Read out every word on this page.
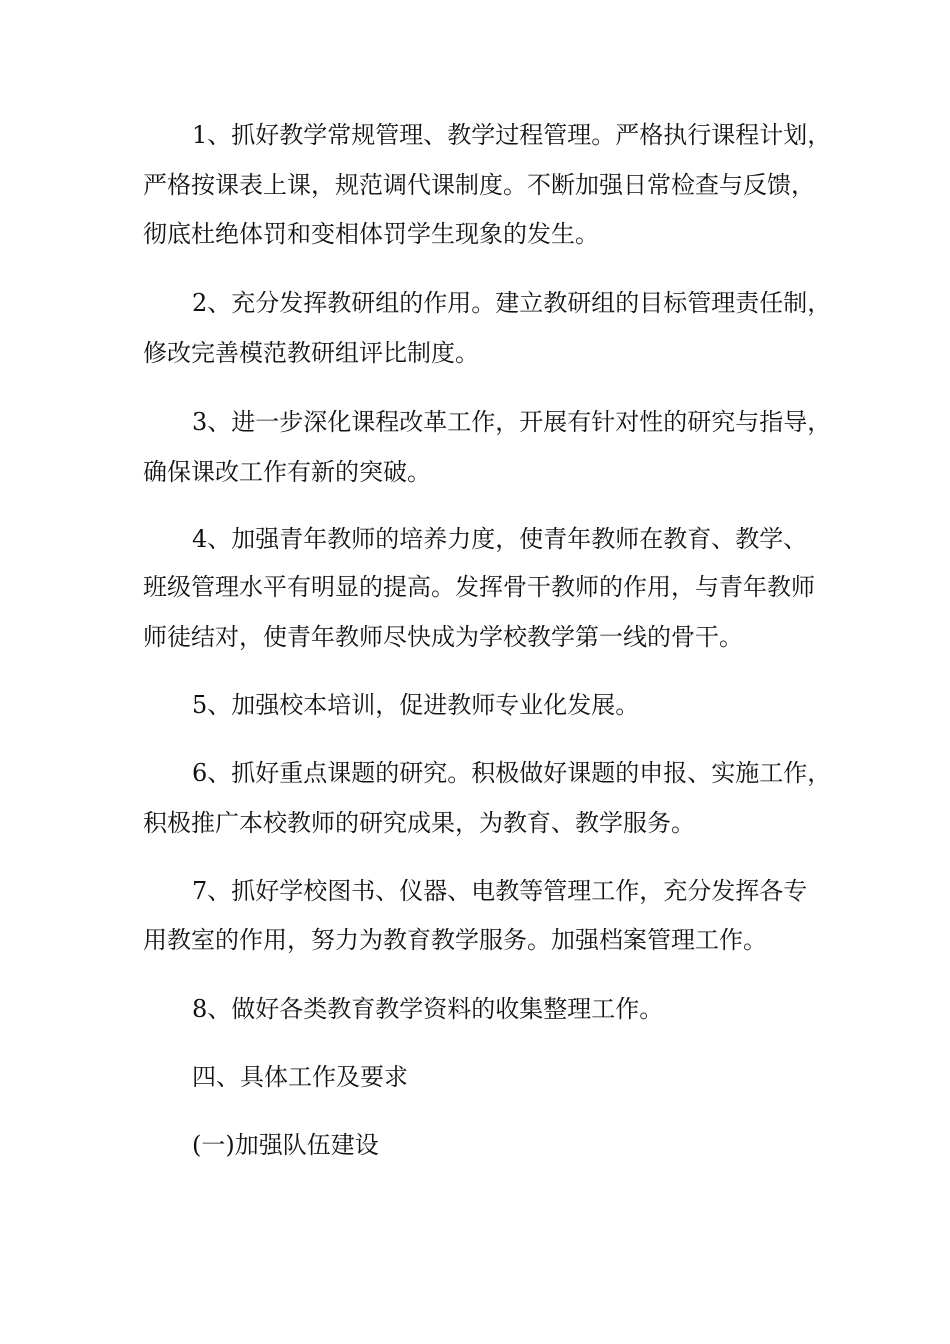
1、抓好教学常规管理、教学过程管理。严格执行课程计划，
严格按课表上课，规范调代课制度。不断加强日常检查与反馈，
彻底杜绝体罚和变相体罚学生现象的发生。
2、充分发挥教研组的作用。建立教研组的目标管理责任制，
修改完善模范教研组评比制度。
3、进一步深化课程改革工作，开展有针对性的研究与指导，
确保课改工作有新的突破。
4、加强青年教师的培养力度，使青年教师在教育、教学、
班级管理水平有明显的提高。发挥骨干教师的作用，与青年教师
师徒结对，使青年教师尽快成为学校教学第一线的骨干。
5、加强校本培训，促进教师专业化发展。
6、抓好重点课题的研究。积极做好课题的申报、实施工作，
积极推广本校教师的研究成果，为教育、教学服务。
7、抓好学校图书、仪器、电教等管理工作，充分发挥各专
用教室的作用，努力为教育教学服务。加强档案管理工作。
8、做好各类教育教学资料的收集整理工作。
四、具体工作及要求
(一)加强队伍建设
